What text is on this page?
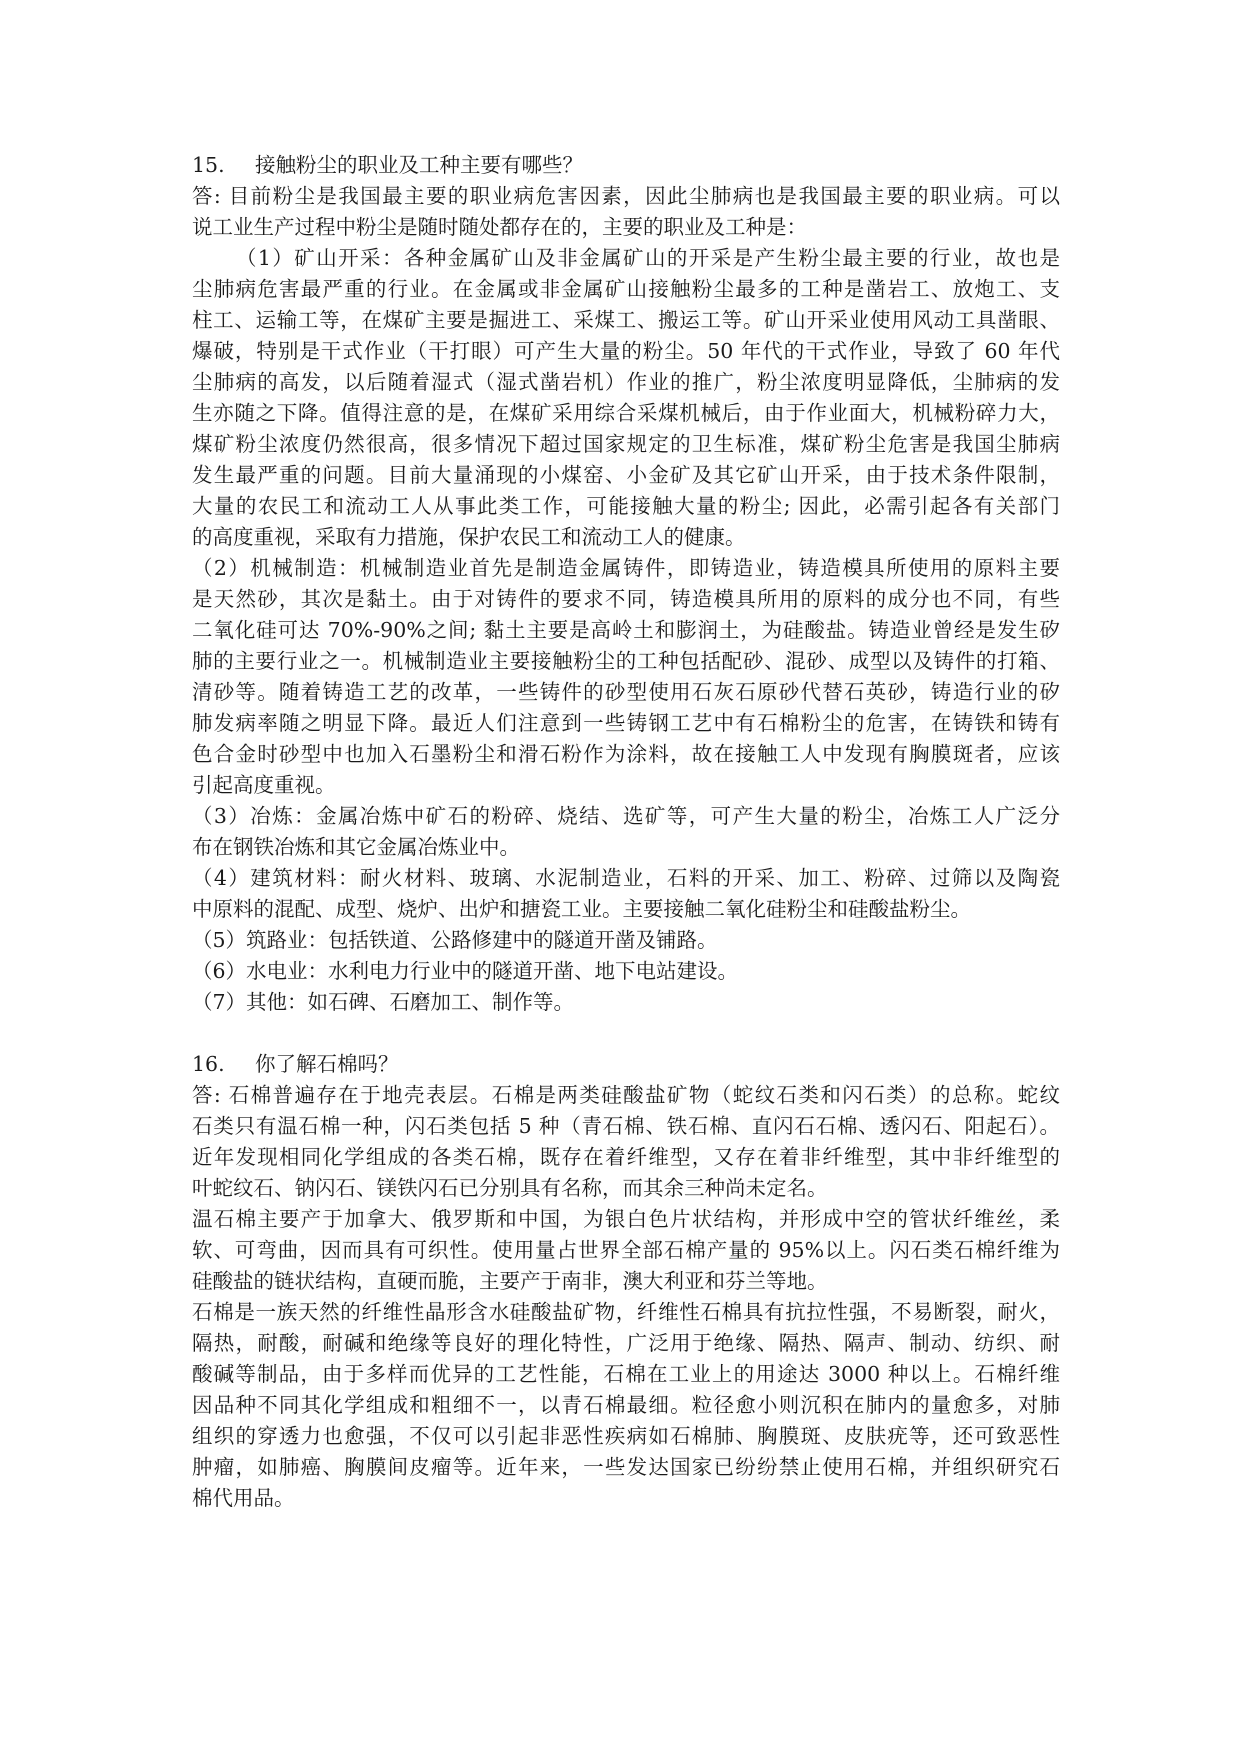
15. 接触粉尘的职业及工种主要有哪些？
答: 目前粉尘是我国最主要的职业病危害因素，因此尘肺病也是我国最主要的职业病。可以
说工业生产过程中粉尘是随时随处都存在的，主要的职业及工种是：
（1）矿山开采：各种金属矿山及非金属矿山的开采是产生粉尘最主要的行业，故也是
尘肺病危害最严重的行业。在金属或非金属矿山接触粉尘最多的工种是凿岩工、放炮工、支
柱工、运输工等，在煤矿主要是掘进工、采煤工、搬运工等。矿山开采业使用风动工具凿眼、
爆破，特别是干式作业（干打眼）可产生大量的粉尘。50 年代的干式作业，导致了 60 年代
尘肺病的高发，以后随着湿式（湿式凿岩机）作业的推广，粉尘浓度明显降低，尘肺病的发
生亦随之下降。值得注意的是，在煤矿采用综合采煤机械后，由于作业面大，机械粉碎力大，
煤矿粉尘浓度仍然很高，很多情况下超过国家规定的卫生标准，煤矿粉尘危害是我国尘肺病
发生最严重的问题。目前大量涌现的小煤窑、小金矿及其它矿山开采，由于技术条件限制，
大量的农民工和流动工人从事此类工作，可能接触大量的粉尘; 因此，必需引起各有关部门
的高度重视，采取有力措施，保护农民工和流动工人的健康。
（2）机械制造：机械制造业首先是制造金属铸件，即铸造业，铸造模具所使用的原料主要
是天然砂，其次是黏土。由于对铸件的要求不同，铸造模具所用的原料的成分也不同，有些
二氧化硅可达 70%-90%之间; 黏土主要是高岭土和膨润土，为硅酸盐。铸造业曾经是发生矽
肺的主要行业之一。机械制造业主要接触粉尘的工种包括配砂、混砂、成型以及铸件的打箱、
清砂等。随着铸造工艺的改革，一些铸件的砂型使用石灰石原砂代替石英砂，铸造行业的矽
肺发病率随之明显下降。最近人们注意到一些铸钢工艺中有石棉粉尘的危害，在铸铁和铸有
色合金时砂型中也加入石墨粉尘和滑石粉作为涂料，故在接触工人中发现有胸膜斑者，应该
引起高度重视。
（3）冶炼：金属冶炼中矿石的粉碎、烧结、选矿等，可产生大量的粉尘，冶炼工人广泛分
布在钢铁冶炼和其它金属冶炼业中。
（4）建筑材料：耐火材料、玻璃、水泥制造业，石料的开采、加工、粉碎、过筛以及陶瓷
中原料的混配、成型、烧炉、出炉和搪瓷工业。主要接触二氧化硅粉尘和硅酸盐粉尘。
（5）筑路业：包括铁道、公路修建中的隧道开凿及铺路。
（6）水电业：水利电力行业中的隧道开凿、地下电站建设。
（7）其他：如石碑、石磨加工、制作等。
16. 你了解石棉吗？
答: 石棉普遍存在于地壳表层。石棉是两类硅酸盐矿物（蛇纹石类和闪石类）的总称。蛇纹
石类只有温石棉一种，闪石类包括 5 种（青石棉、铁石棉、直闪石石棉、透闪石、阳起石）。
近年发现相同化学组成的各类石棉，既存在着纤维型，又存在着非纤维型，其中非纤维型的
叶蛇纹石、钠闪石、镁铁闪石已分别具有名称，而其余三种尚未定名。
温石棉主要产于加拿大、俄罗斯和中国，为银白色片状结构，并形成中空的管状纤维丝，柔
软、可弯曲，因而具有可织性。使用量占世界全部石棉产量的 95%以上。闪石类石棉纤维为
硅酸盐的链状结构，直硬而脆，主要产于南非，澳大利亚和芬兰等地。
石棉是一族天然的纤维性晶形含水硅酸盐矿物，纤维性石棉具有抗拉性强，不易断裂，耐火，
隔热，耐酸，耐碱和绝缘等良好的理化特性，广泛用于绝缘、隔热、隔声、制动、纺织、耐
酸碱等制品，由于多样而优异的工艺性能，石棉在工业上的用途达 3000 种以上。石棉纤维
因品种不同其化学组成和粗细不一，以青石棉最细。粒径愈小则沉积在肺内的量愈多，对肺
组织的穿透力也愈强，不仅可以引起非恶性疾病如石棉肺、胸膜斑、皮肤疣等，还可致恶性
肿瘤，如肺癌、胸膜间皮瘤等。近年来，一些发达国家已纷纷禁止使用石棉，并组织研究石
棉代用品。
